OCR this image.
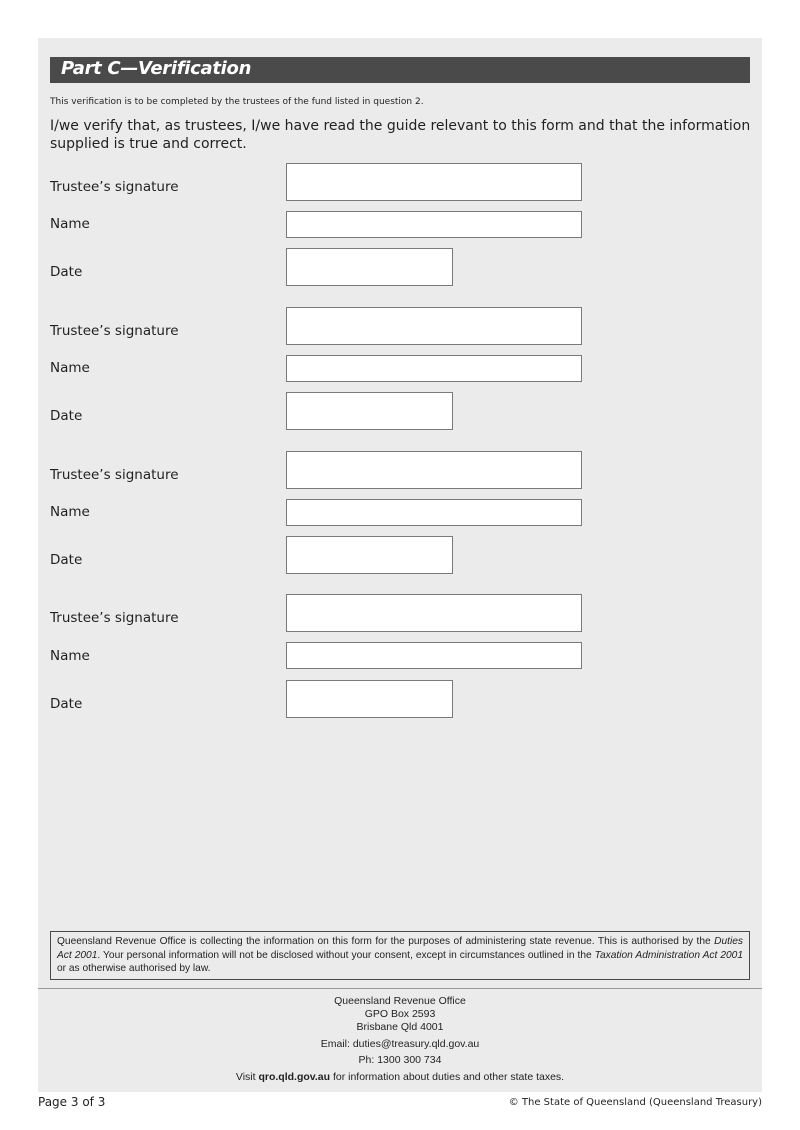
Part C—Verification
This verification is to be completed by the trustees of the fund listed in question 2.
I/we verify that, as trustees, I/we have read the guide relevant to this form and that the information supplied is true and correct.
Trustee’s signature
Name
Date
Trustee’s signature
Name
Date
Trustee’s signature
Name
Date
Trustee’s signature
Name
Date
Queensland Revenue Office is collecting the information on this form for the purposes of administering state revenue. This is authorised by the Duties Act 2001. Your personal information will not be disclosed without your consent, except in circumstances outlined in the Taxation Administration Act 2001 or as otherwise authorised by law.
Queensland Revenue Office
GPO Box 2593
Brisbane Qld 4001
Email: duties@treasury.qld.gov.au
Ph: 1300 300 734
Visit qro.qld.gov.au for information about duties and other state taxes.
Page 3 of 3	© The State of Queensland (Queensland Treasury)
